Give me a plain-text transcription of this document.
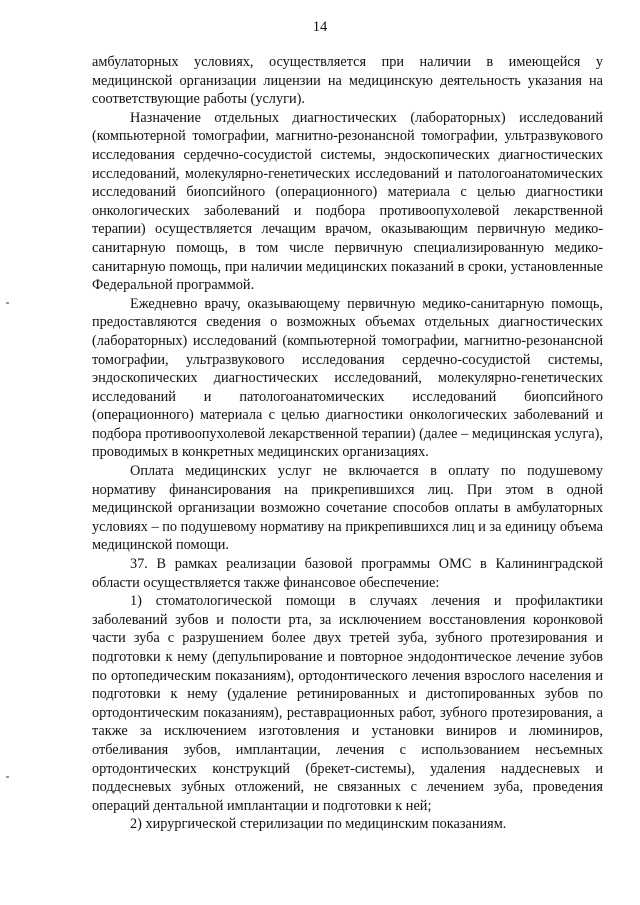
14

амбулаторных условиях, осуществляется при наличии в имеющейся у медицинской организации лицензии на медицинскую деятельность указания на соответствующие работы (услуги).

Назначение отдельных диагностических (лабораторных) исследований (компьютерной томографии, магнитно-резонансной томографии, ультразвукового исследования сердечно-сосудистой системы, эндоскопических диагностических исследований, молекулярно-генетических исследований и патологоанатомических исследований биопсийного (операционного) материала с целью диагностики онкологических заболеваний и подбора противоопухолевой лекарственной терапии) осуществляется лечащим врачом, оказывающим первичную медико-санитарную помощь, в том числе первичную специализированную медико-санитарную помощь, при наличии медицинских показаний в сроки, установленные Федеральной программой.

Ежедневно врачу, оказывающему первичную медико-санитарную помощь, предоставляются сведения о возможных объемах отдельных диагностических (лабораторных) исследований (компьютерной томографии, магнитно-резонансной томографии, ультразвукового исследования сердечно-сосудистой системы, эндоскопических диагностических исследований, молекулярно-генетических исследований и патологоанатомических исследований биопсийного (операционного) материала с целью диагностики онкологических заболеваний и подбора противоопухолевой лекарственной терапии) (далее – медицинская услуга), проводимых в конкретных медицинских организациях.

Оплата медицинских услуг не включается в оплату по подушевому нормативу финансирования на прикрепившихся лиц. При этом в одной медицинской организации возможно сочетание способов оплаты в амбулаторных условиях – по подушевому нормативу на прикрепившихся лиц и за единицу объема медицинской помощи.

37. В рамках реализации базовой программы ОМС в Калининградской области осуществляется также финансовое обеспечение:

1) стоматологической помощи в случаях лечения и профилактики заболеваний зубов и полости рта, за исключением восстановления коронковой части зуба с разрушением более двух третей зуба, зубного протезирования и подготовки к нему (депульпирование и повторное эндодонтическое лечение зубов по ортопедическим показаниям), ортодонтического лечения взрослого населения и подготовки к нему (удаление ретинированных и дистопированных зубов по ортодонтическим показаниям), реставрационных работ, зубного протезирования, а также за исключением изготовления и установки виниров и люминиров, отбеливания зубов, имплантации, лечения с использованием несъемных ортодонтических конструкций (брекет-системы), удаления наддесневых и поддесневых зубных отложений, не связанных с лечением зуба, проведения операций дентальной имплантации и подготовки к ней;

2) хирургической стерилизации по медицинским показаниям.
